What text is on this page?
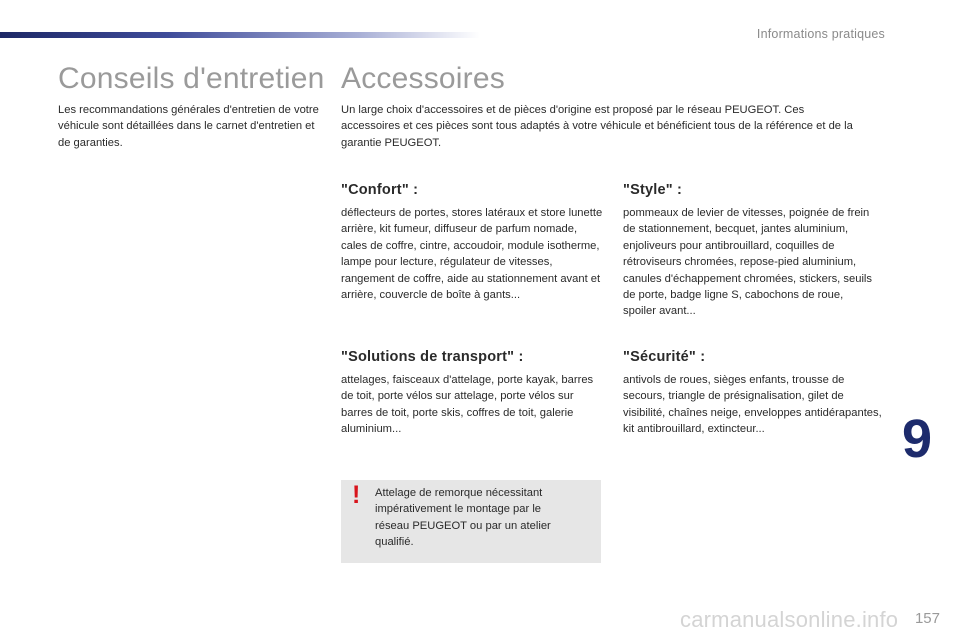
Informations pratiques
Conseils d'entretien

Les recommandations générales d'entretien de votre véhicule sont détaillées dans le carnet d'entretien et de garanties.

Accessoires

Un large choix d'accessoires et de pièces d'origine est proposé par le réseau PEUGEOT. Ces accessoires et ces pièces sont tous adaptés à votre véhicule et bénéficient tous de la référence et de la garantie PEUGEOT.

"Confort" :

déflecteurs de portes, stores latéraux et store lunette arrière, kit fumeur, diffuseur de parfum nomade, cales de coffre, cintre, accoudoir, module isotherme, lampe pour lecture, régulateur de vitesses, rangement de coffre, aide au stationnement avant et arrière, couvercle de boîte à gants...

"Style" :

pommeaux de levier de vitesses, poignée de frein de stationnement, becquet, jantes aluminium, enjoliveurs pour antibrouillard, coquilles de rétroviseurs chromées, repose-pied aluminium, canules d'échappement chromées, stickers, seuils de porte, badge ligne S, cabochons de roue, spoiler avant...

"Solutions de transport" :

attelages, faisceaux d'attelage, porte kayak, barres de toit, porte vélos sur attelage, porte vélos sur barres de toit, porte skis, coffres de toit, galerie aluminium...

"Sécurité" :

antivols de roues, sièges enfants, trousse de secours, triangle de présignalisation, gilet de visibilité, chaînes neige, enveloppes antidérapantes, kit antibrouillard, extincteur...

! Attelage de remorque nécessitant impérativement le montage par le réseau PEUGEOT ou par un atelier qualifié.

9
carmanualsonline.info 157
